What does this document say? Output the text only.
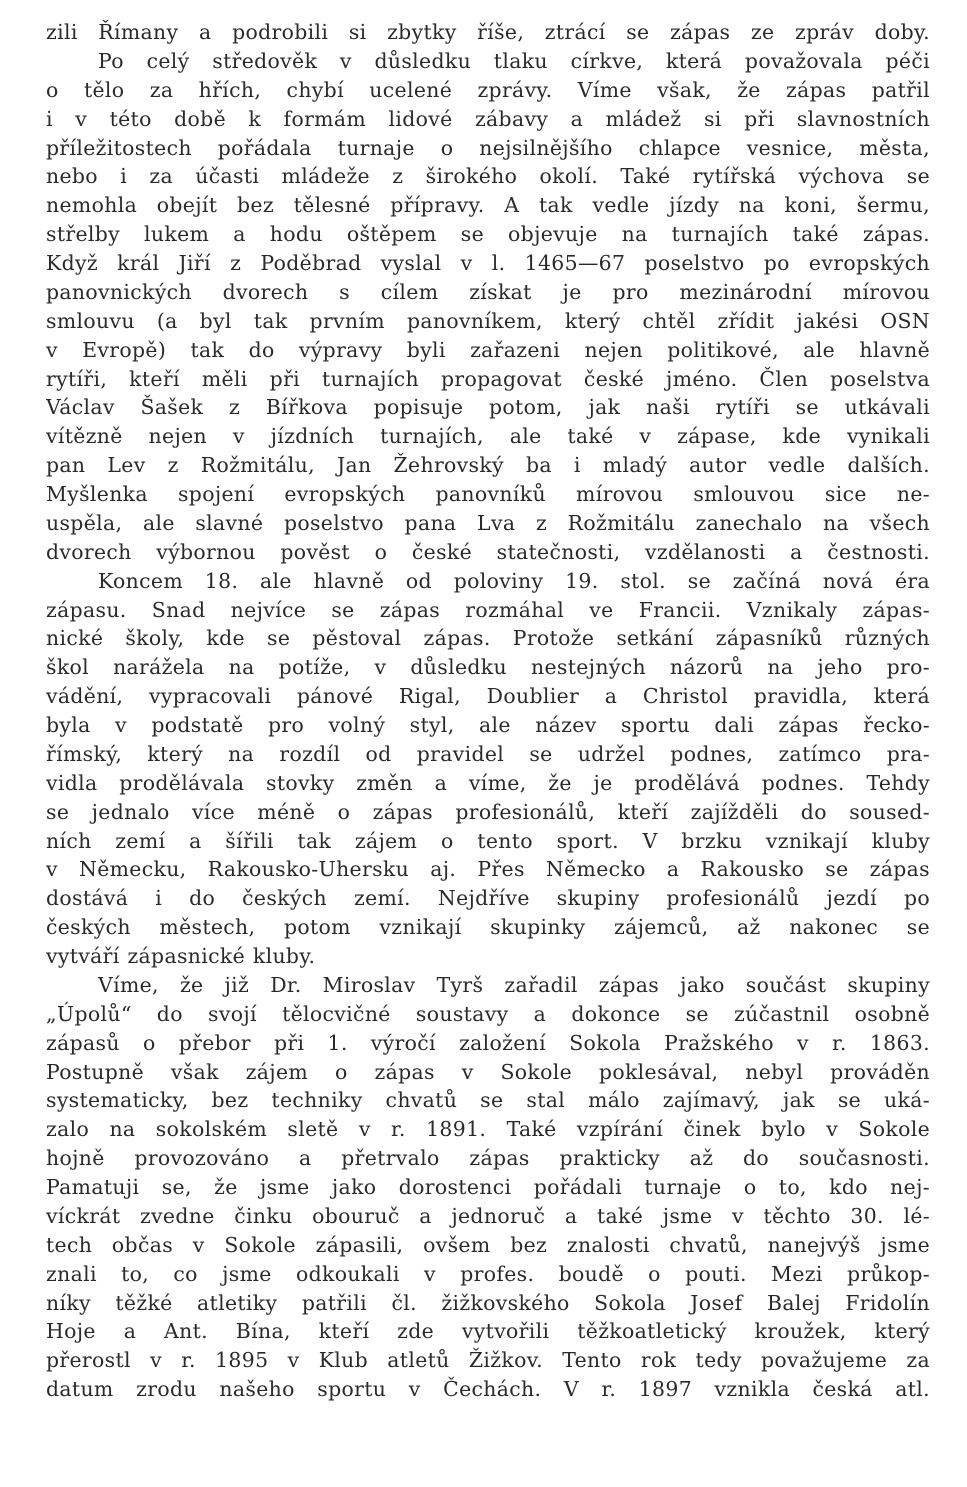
zili Římany a podrobili si zbytky říše, ztrácí se zápas ze zpráv doby.
Po celý středověk v důsledku tlaku církve, která považovala péči
o tělo za hřích, chybí ucelené zprávy. Víme však, že zápas patřil
i v této době k formám lidové zábavy a mládež si při slavnostních
příležitostech pořádala turnaje o nejsilnějšího chlapce vesnice, města,
nebo i za účasti mládeže z širokého okolí. Také rytířská výchova se
nemohla obejít bez tělesné přípravy. A tak vedle jízdy na koni, šermu,
střelby lukem a hodu oštěpem se objevuje na turnajích také zápas.
Když král Jiří z Poděbrad vyslal v l. 1465—67 poselstvo po evropských
panovnických dvorech s cílem získat je pro mezinárodní mírovou
smlouvu (a byl tak prvním panovníkem, který chtěl zřídit jakési OSN
v Evropě) tak do výpravy byli zařazeni nejen politikové, ale hlavně
rytíři, kteří měli při turnajích propagovat české jméno. Člen poselstva
Václav Šašek z Bířkova popisuje potom, jak naši rytíři se utkávali
vítězně nejen v jízdních turnajích, ale také v zápase, kde vynikali
pan Lev z Rožmitálu, Jan Žehrovský ba i mladý autor vedle dalších.
Myšlenka spojení evropských panovníků mírovou smlouvou sice ne-
uspěla, ale slavné poselstvo pana Lva z Rožmitálu zanechalo na všech
dvorech výbornou pověst o české statečnosti, vzdělanosti a čestnosti.
Koncem 18. ale hlavně od poloviny 19. stol. se začíná nová éra
zápasu. Snad nejvíce se zápas rozmáhal ve Francii. Vznikaly zápas-
nické školy, kde se pěstoval zápas. Protože setkání zápasníků různých
škol narážela na potíže, v důsledku nestejných názorů na jeho pro-
vádění, vypracovali pánové Rigal, Doublier a Christol pravidla, která
byla v podstatě pro volný styl, ale název sportu dali zápas řecko-
římský, který na rozdíl od pravidel se udržel podnes, zatímco pra-
vidla prodělávala stovky změn a víme, že je prodělává podnes. Tehdy
se jednalo více méně o zápas profesionálů, kteří zajížděli do soused-
ních zemí a šířili tak zájem o tento sport. V brzku vznikají kluby
v Německu, Rakousko-Uhersku aj. Přes Německo a Rakousko se zápas
dostává i do českých zemí. Nejdříve skupiny profesionálů jezdí po
českých městech, potom vznikají skupinky zájemců, až nakonec se
vytváří zápasnické kluby.
Víme, že již Dr. Miroslav Tyrš zařadil zápas jako součást skupiny
„Úpolů“ do svojí tělocvičné soustavy a dokonce se zúčastnil osobně
zápasů o přebor při 1. výročí založení Sokola Pražského v r. 1863.
Postupně však zájem o zápas v Sokole poklesával, nebyl prováděn
systematicky, bez techniky chvatů se stal málo zajímavý, jak se uká-
zalo na sokolském sletě v r. 1891. Také vzpírání činek bylo v Sokole
hojně provozováno a přetrvalo zápas prakticky až do současnosti.
Pamatuji se, že jsme jako dorostenci pořádali turnaje o to, kdo nej-
víckrát zvedne činku obouruč a jednoruč a také jsme v těchto 30. lé-
tech občas v Sokole zápasili, ovšem bez znalosti chvatů, nanejvýš jsme
znali to, co jsme odkoukali v profes. boudě o pouti. Mezi průkop-
níky těžké atletiky patřili čl. žižkovského Sokola Josef Balej Fridolín
Hoje a Ant. Bína, kteří zde vytvořili těžkoatletický kroužek, který
přerostl v r. 1895 v Klub atletů Žižkov. Tento rok tedy považujeme za
datum zrodu našeho sportu v Čechách. V r. 1897 vznikla česká atl.
